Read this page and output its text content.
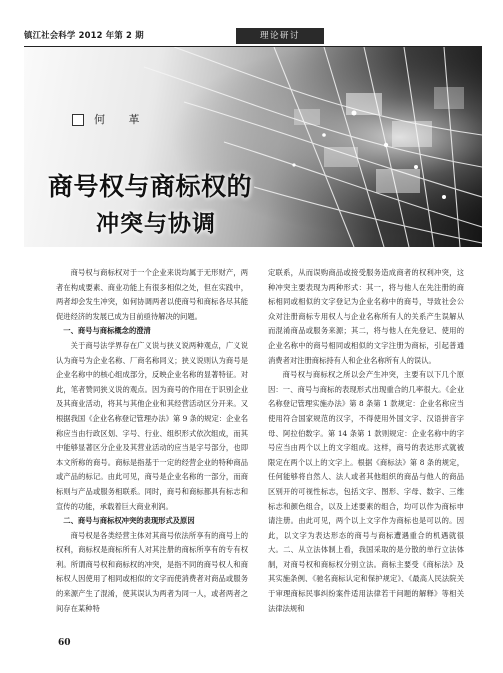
镇江社会科学 2012 年第 2 期	理论研讨
何 革
商号权与商标权的
冲突与协调

商号权与商标权对于一个企业来说均属于无形财产，两者在构成要素、商业功能上有很多相似之处，但在实践中，两者却会发生冲突，如何协调两者以使商号和商标各尽其能促进经济的发展已成为目前亟待解决的问题。

一、商号与商标概念的澄清

关于商号法学界存在广义说与狭义说两种观点，广义说认为商号为企业名称、厂商名称同义；狭义说则认为商号是企业名称中的核心组成部分，反映企业名称的显著特征。对此，笔者赞同狭义说的观点。因为商号的作用在于识别企业及其商业活动，将其与其他企业和其经营活动区分开来。又根据我国《企业名称登记管理办法》第 9 条的规定：企业名称应当由行政区划、字号、行业、组织形式依次组成，而其中能够显著区分企业及其营业活动的应当是字号部分，也即本文所称的商号。商标是指基于一定的经营企业的特种商品或产品的标记。由此可见，商号是企业名称的一部分，而商标则与产品或服务相联系。同时，商号和商标都具有标志和宣传的功能，承载着巨大商业利润。

二、商号与商标权冲突的表现形式及原因

商号权是各类经营主体对其商号依法所享有的商号上的权利，商标权是商标所有人对其注册的商标所享有的专有权利。所谓商号权和商标权的冲突，是指不同的商号权人和商标权人因使用了相同或相似的文字而使消费者对商品或服务的来源产生了混淆，使其误认为两者为同一人，或者两者之间存在某种特

定联系，从而误购商品或接受服务造成商者的权利冲突，这种冲突主要表现为两种形式：其一，将与他人在先注册的商标相同或相似的文字登记为企业名称中的商号，导致社会公众对注册商标专用权人与企业名称所有人的关系产生误解从而混淆商品或服务来源；其二，将与他人在先登记、使用的企业名称中的商号相同或相似的文字注册为商标，引起普通消费者对注册商标持有人和企业名称所有人的误认。

商号权与商标权之所以会产生冲突，主要有以下几个原因：一、商号与商标的表现形式出现重合的几率很大。《企业名称登记管理实施办法》第 8 条第 1 款规定：企业名称应当使用符合国家规范的汉字，不得使用外国文字、汉语拼音字母、阿拉伯数字。第 14 条第 1 款则规定：企业名称中的字号应当由两个以上的文字组成。这样，商号的表达形式就被限定在两个以上的文字上。根据《商标法》第 8 条的规定，任何能够将自然人、法人或者其他组织的商品与他人的商品区别开的可视性标志，包括文字、图形、字母、数字、三维标志和颜色组合，以及上述要素的组合，均可以作为商标申请注册。由此可见，两个以上文字作为商标也是可以的。因此，以文字为表达形态的商号与商标遭遇重合的机遇就很大。二、从立法体制上看，我国采取的是分散的单行立法体制，对商号权和商标权分别立法。商标主要受《商标法》及其实施条例、《驰名商标认定和保护规定》、《最高人民法院关于审理商标民事纠纷案件适用法律若干问题的解释》等相关法律法规和

60
